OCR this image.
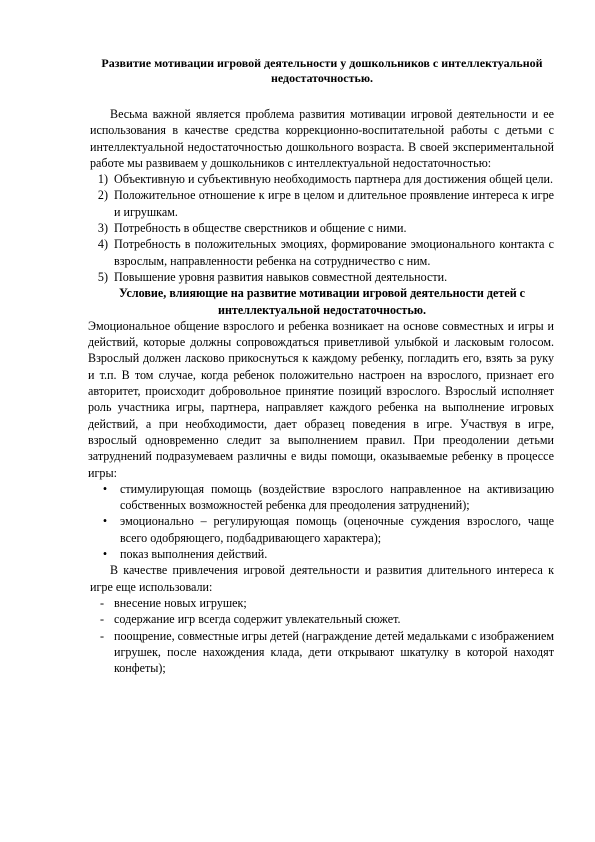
Развитие мотивации игровой деятельности у дошкольников с интеллектуальной недостаточностью.

Весьма важной является проблема развития мотивации игровой деятельности и ее использования в качестве средства коррекционно-воспитательной работы с детьми с интеллектуальной недостаточностью дошкольного возраста. В своей экспериментальной работе мы развиваем у дошкольников с интеллектуальной недостаточностью:

1) Объективную и субъективную необходимость партнера для достижения общей цели.
2) Положительное отношение к игре в целом и длительное проявление интереса к игре и игрушкам.
3) Потребность в обществе сверстников и общение с ними.
4) Потребность в положительных эмоциях, формирование эмоционального контакта с взрослым, направленности ребенка на сотрудничество с ним.
5) Повышение уровня развития навыков совместной деятельности.

Условие, влияющие на развитие мотивации игровой деятельности детей с интеллектуальной недостаточностью.

Эмоциональное общение взрослого и ребенка возникает на основе совместных и игры и действий, которые должны сопровождаться приветливой улыбкой и ласковым голосом. Взрослый должен ласково прикоснуться к каждому ребенку, погладить его, взять за руку и т.п. В том случае, когда ребенок положительно настроен на взрослого, признает его авторитет, происходит добровольное принятие позиций взрослого. Взрослый исполняет роль участника игры, партнера, направляет каждого ребенка на выполнение игровых действий, а при необходимости, дает образец поведения в игре. Участвуя в игре, взрослый одновременно следит за выполнением правил. При преодолении детьми затруднений подразумеваем различны е виды помощи, оказываемые ребенку в процессе игры:

•	стимулирующая помощь (воздействие взрослого направленное на активизацию собственных возможностей ребенка для преодоления затруднений);
•	эмоционально – регулирующая помощь (оценочные суждения взрослого, чаще всего одобряющего, подбадривающего характера);
•	показ выполнения действий.

В качестве привлечения игровой деятельности и развития длительного интереса к игре еще использовали:

- внесение новых игрушек;
- содержание игр всегда содержит увлекательный сюжет.
- поощрение, совместные игры детей (награждение детей медальками с изображением игрушек, после нахождения клада, дети открывают шкатулку в которой находят конфеты);
